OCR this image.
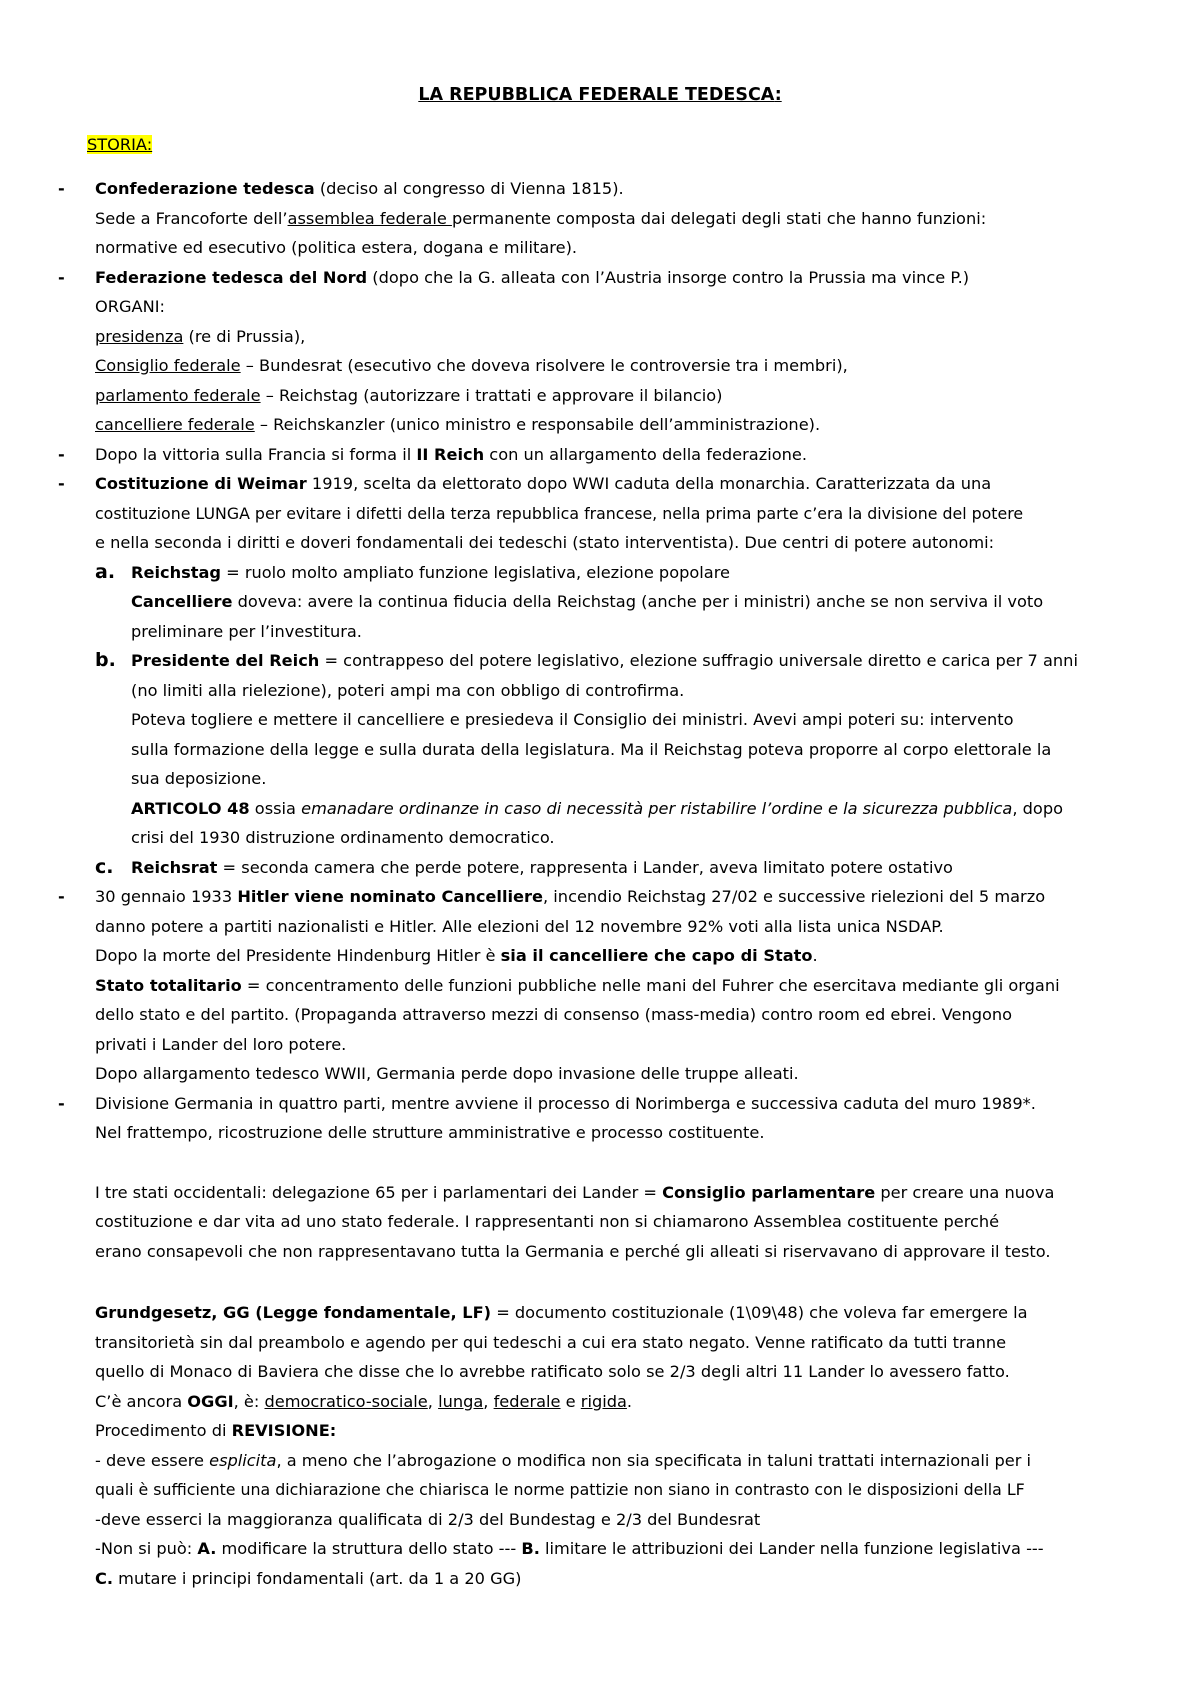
LA REPUBBLICA FEDERALE TEDESCA:
STORIA:
- Confederazione tedesca (deciso al congresso di Vienna 1815).
Sede a Francoforte dell’assemblea federale permanente composta dai delegati degli stati che hanno funzioni:
normative ed esecutivo (politica estera, dogana e militare).
- Federazione tedesca del Nord (dopo che la G. alleata con l’Austria insorge contro la Prussia ma vince P.)
ORGANI:
presidenza (re di Prussia),
Consiglio federale – Bundesrat (esecutivo che doveva risolvere le controversie tra i membri),
parlamento federale – Reichstag (autorizzare i trattati e approvare il bilancio)
cancelliere federale – Reichskanzler (unico ministro e responsabile dell’amministrazione).
- Dopo la vittoria sulla Francia si forma il II Reich con un allargamento della federazione.
- Costituzione di Weimar 1919, scelta da elettorato dopo WWI caduta della monarchia. Caratterizzata da una
costituzione LUNGA per evitare i difetti della terza repubblica francese, nella prima parte c’era la divisione del potere
e nella seconda i diritti e doveri fondamentali dei tedeschi (stato interventista). Due centri di potere autonomi:
a. Reichstag = ruolo molto ampliato funzione legislativa, elezione popolare
Cancelliere doveva: avere la continua fiducia della Reichstag (anche per i ministri) anche se non serviva il voto
preliminare per l’investitura.
b. Presidente del Reich = contrappeso del potere legislativo, elezione suffragio universale diretto e carica per 7 anni
(no limiti alla rielezione), poteri ampi ma con obbligo di controfirma.
Poteva togliere e mettere il cancelliere e presiedeva il Consiglio dei ministri. Avevi ampi poteri su: intervento
sulla formazione della legge e sulla durata della legislatura. Ma il Reichstag poteva proporre al corpo elettorale la
sua deposizione.
ARTICOLO 48 ossia emanadare ordinanze in caso di necessità per ristabilire l’ordine e la sicurezza pubblica, dopo
crisi del 1930 distruzione ordinamento democratico.
c. Reichsrat = seconda camera che perde potere, rappresenta i Lander, aveva limitato potere ostativo
- 30 gennaio 1933 Hitler viene nominato Cancelliere, incendio Reichstag 27/02 e successive rielezioni del 5 marzo
danno potere a partiti nazionalisti e Hitler. Alle elezioni del 12 novembre 92% voti alla lista unica NSDAP.
Dopo la morte del Presidente Hindenburg Hitler è sia il cancelliere che capo di Stato.
Stato totalitario = concentramento delle funzioni pubbliche nelle mani del Fuhrer che esercitava mediante gli organi
dello stato e del partito. (Propaganda attraverso mezzi di consenso (mass-media) contro room ed ebrei. Vengono
privati i Lander del loro potere.
Dopo allargamento tedesco WWII, Germania perde dopo invasione delle truppe alleati.
- Divisione Germania in quattro parti, mentre avviene il processo di Norimberga e successiva caduta del muro 1989*.
Nel frattempo, ricostruzione delle strutture amministrative e processo costituente.
I tre stati occidentali: delegazione 65 per i parlamentari dei Lander = Consiglio parlamentare per creare una nuova
costituzione e dar vita ad uno stato federale. I rappresentanti non si chiamarono Assemblea costituente perché
erano consapevoli che non rappresentavano tutta la Germania e perché gli alleati si riservavano di approvare il testo.
Grundgesetz, GG (Legge fondamentale, LF) = documento costituzionale (1\09\48) che voleva far emergere la
transitorietà sin dal preambolo e agendo per qui tedeschi a cui era stato negato. Venne ratificato da tutti tranne
quello di Monaco di Baviera che disse che lo avrebbe ratificato solo se 2/3 degli altri 11 Lander lo avessero fatto.
C’è ancora OGGI, è: democratico-sociale, lunga, federale e rigida.
Procedimento di REVISIONE:
- deve essere esplicita, a meno che l’abrogazione o modifica non sia specificata in taluni trattati internazionali per i
quali è sufficiente una dichiarazione che chiarisca le norme pattizie non siano in contrasto con le disposizioni della LF
-deve esserci la maggioranza qualificata di 2/3 del Bundestag e 2/3 del Bundesrat
-Non si può: A. modificare la struttura dello stato --- B. limitare le attribuzioni dei Lander nella funzione legislativa ---
C. mutare i principi fondamentali (art. da 1 a 20 GG)
